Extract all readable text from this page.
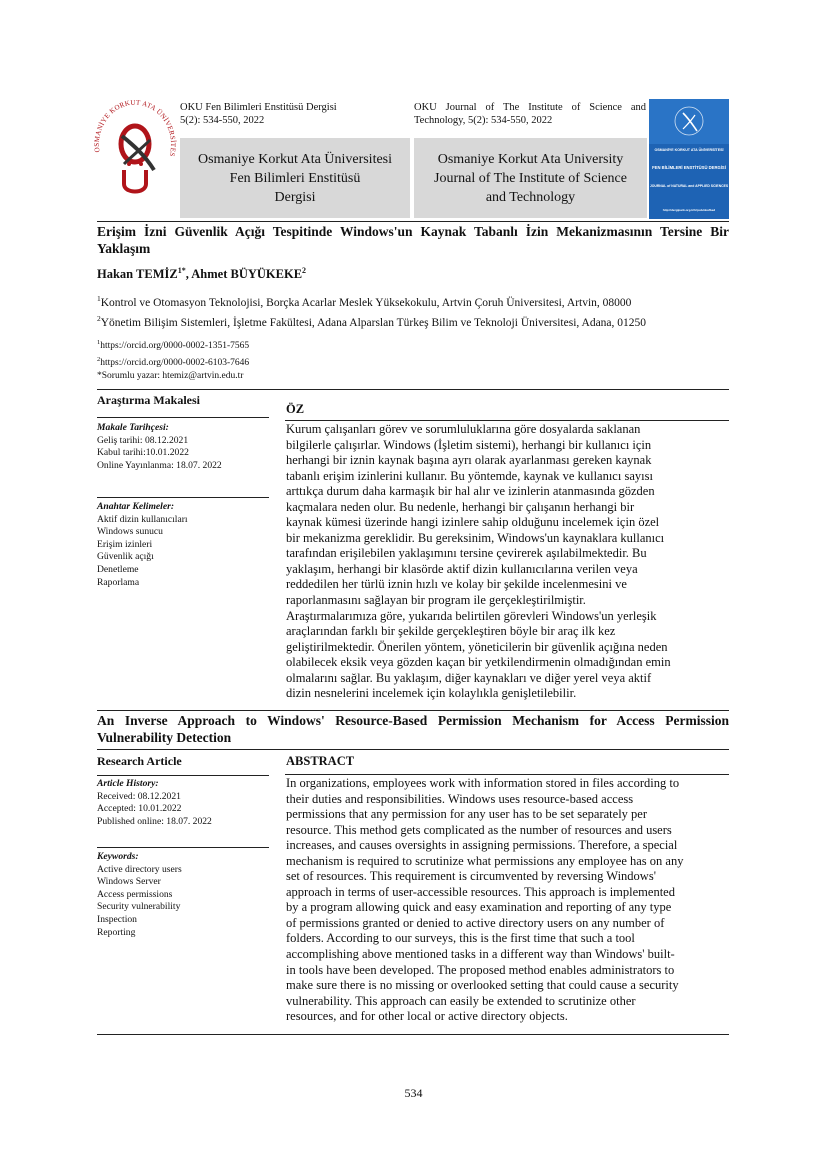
OSMANİYE KORKUT ATA ÜNİVERSİTES
OKU Fen Bilimleri Enstitüsü Dergisi
5(2): 534-550, 2022
OKU Journal of The Institute of Science and
Technology, 5(2): 534-550, 2022
Osmaniye Korkut Ata Üniversitesi
Fen Bilimleri Enstitüsü
Dergisi
Osmaniye Korkut Ata University
Journal of The Institute of Science
and Technology
OSMANİYE KORKUT ATA ÜNİVERSİTESİ
FEN BİLİMLERİ ENSTİTÜSÜ DERGİSİ
JOURNAL of NATURAL and APPLIED SCIENCES
http://dergipark.org.tr/tr/pub/okufbed
Erişim İzni Güvenlik Açığı Tespitinde Windows'un Kaynak Tabanlı İzin Mekanizmasının Tersine Bir Yaklaşım
Hakan $TEMİZ^{1*}$, Ahmet BÜYÜKEKE$^2$
$^1$Kontrol ve Otomasyon Teknolojisi, Borçka Acarlar Meslek Yüksekokulu, Artvin Çoruh Üniversitesi, Artvin, 08000
$^2$Yönetim Bilişim Sistemleri, İşletme Fakültesi, Adana Alparslan Türkeş Bilim ve Teknoloji Üniversitesi, Adana, 01250
$^1$https://orcid.org/0000-0002-1351-7565
$^2$https://orcid.org/0000-0002-6103-7646
*Sorumlu yazar: htemiz@artvin.edu.tr
Araştırma Makalesi
Makale Tarihçesi:
Geliş tarihi: 08.12.2021
Kabul tarihi:10.01.2022
Online Yayınlanma: 18.07. 2022
Anahtar Kelimeler:
Aktif dizin kullanıcıları
Windows sunucu
Erişim izinleri
Güvenlik açığı
Denetleme
Raporlama
ÖZ
Kurum çalışanları görev ve sorumluluklarına göre dosyalarda saklanan
bilgilerle çalışırlar. Windows (İşletim sistemi), herhangi bir kullanıcı için
herhangi bir iznin kaynak başına ayrı olarak ayarlanması gereken kaynak
tabanlı erişim izinlerini kullanır. Bu yöntemde, kaynak ve kullanıcı sayısı
arttıkça durum daha karmaşık bir hal alır ve izinlerin atanmasında gözden
kaçmalara neden olur. Bu nedenle, herhangi bir çalışanın herhangi bir
kaynak kümesi üzerinde hangi izinlere sahip olduğunu incelemek için özel
bir mekanizma gereklidir. Bu gereksinim, Windows'un kaynaklara kullanıcı
tarafından erişilebilen yaklaşımını tersine çevirerek aşılabilmektedir. Bu
yaklaşım, herhangi bir klasörde aktif dizin kullanıcılarına verilen veya
reddedilen her türlü iznin hızlı ve kolay bir şekilde incelenmesini ve
raporlanmasını sağlayan bir program ile gerçekleştirilmiştir.
Araştırmalarımıza göre, yukarıda belirtilen görevleri Windows'un yerleşik
araçlarından farklı bir şekilde gerçekleştiren böyle bir araç ilk kez
geliştirilmektedir. Önerilen yöntem, yöneticilerin bir güvenlik açığına neden
olabilecek eksik veya gözden kaçan bir yetkilendirmenin olmadığından emin
olmalarını sağlar. Bu yaklaşım, diğer kaynakları ve diğer yerel veya aktif
dizin nesnelerini incelemek için kolaylıkla genişletilebilir.
An Inverse Approach to Windows' Resource-Based Permission Mechanism for Access Permission Vulnerability Detection
Research Article
Article History:
Received: 08.12.2021
Accepted: 10.01.2022
Published online: 18.07. 2022
Keywords:
Active directory users
Windows Server
Access permissions
Security vulnerability
Inspection
Reporting
ABSTRACT
In organizations, employees work with information stored in files according to
their duties and responsibilities. Windows uses resource-based access
permissions that any permission for any user has to be set separately per
resource. This method gets complicated as the number of resources and users
increases, and causes oversights in assigning permissions. Therefore, a special
mechanism is required to scrutinize what permissions any employee has on any
set of resources. This requirement is circumvented by reversing Windows'
approach in terms of user-accessible resources. This approach is implemented
by a program allowing quick and easy examination and reporting of any type
of permissions granted or denied to active directory users on any number of
folders. According to our surveys, this is the first time that such a tool
accomplishing above mentioned tasks in a different way than Windows' built-
in tools have been developed. The proposed method enables administrators to
make sure there is no missing or overlooked setting that could cause a security
vulnerability. This approach can easily be extended to scrutinize other
resources, and for other local or active directory objects.
534
